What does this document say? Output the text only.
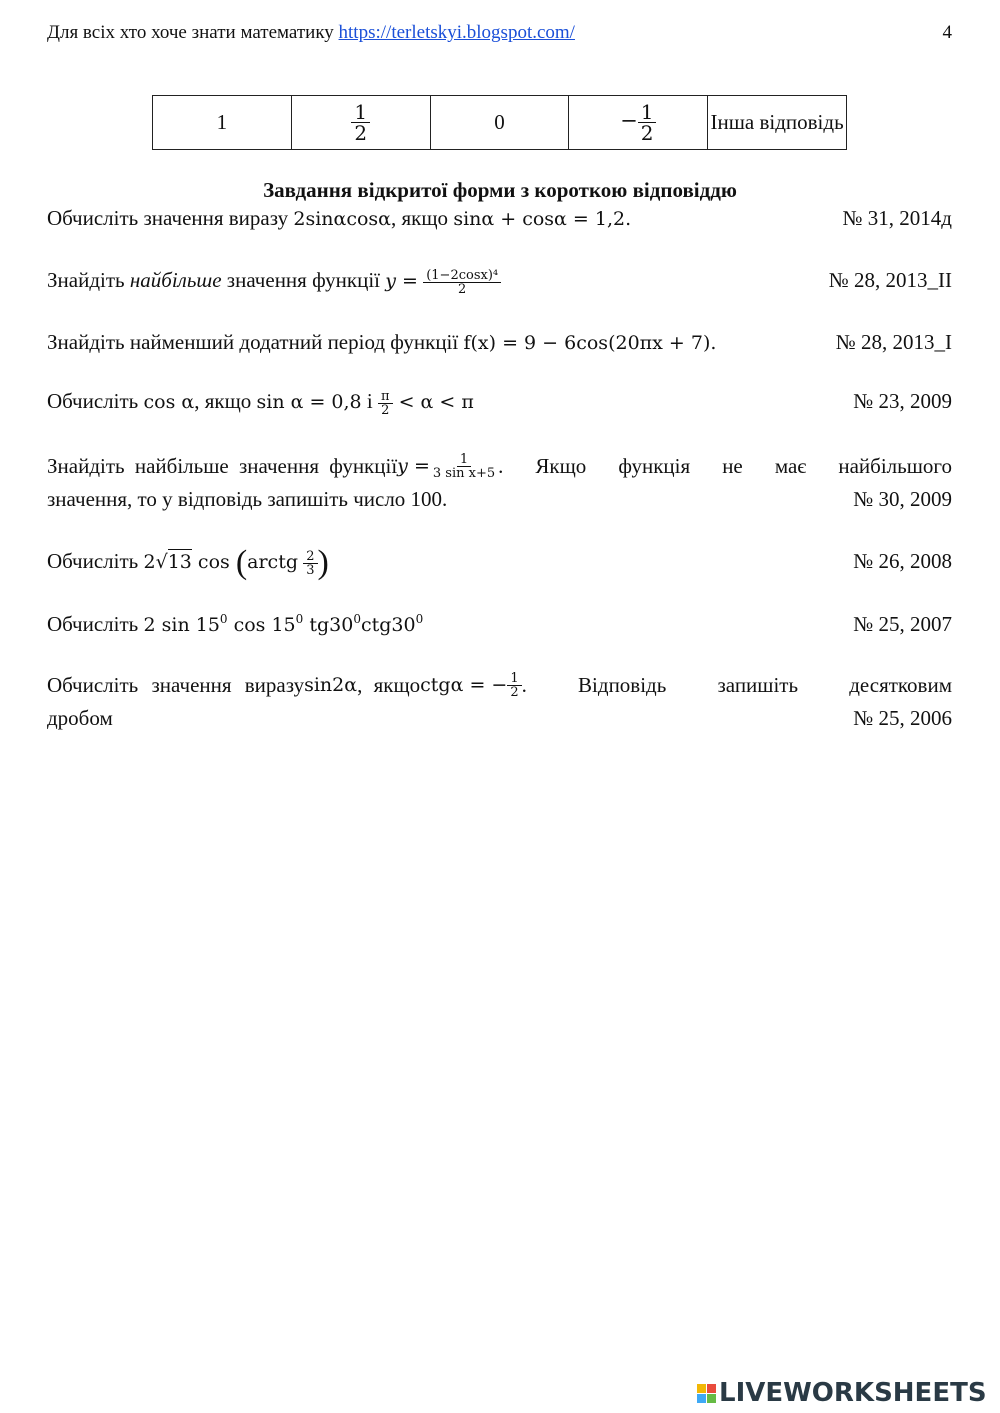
Для всіх хто хоче знати математику https://terletskyi.blogspot.com/	4
1	$\frac{1}{2}$	0	− $\frac{1}{2}$	Інша відповідь
Завдання відкритої форми з короткою відповіддю
Обчисліть значення виразу 2sinαcosα, якщо sinα + cosα = 1,2.	№ 31, 2014д
Знайдіть найбільше значення функції $y = \frac{\text{(1−2cosx)⁴}}{2}$	№ 28, 2013_II
Знайдіть найменший додатний період функції f(x) = 9 − 6cos(20πx + 7).	№ 28, 2013_I
Обчисліть cos α, якщо sin α = 0,8 і $\frac{\pi}{2} < \alpha < \pi$	№ 23, 2009
Знайдіть найбільше значення функції $y = \frac{1}{\text{3 sin x+5}}$ . Якщо функція не має найбільшого
значення, то у відповідь запишіть число 100.	№ 30, 2009
Обчисліть 2√13 cos (arctg $\frac{2}{3}$ )	№ 26, 2008
Обчисліть 2 $\sin 15^0$ $\cos 15^0$ $tg30^0ctg30^0$	№ 25, 2007
Обчисліть значення виразу sin2α , якщо ctgα = − $\frac{1}{2}$ . Відповідь запишіть десятковим
дробом	№ 25, 2006
LIVEWORKSHEETS
